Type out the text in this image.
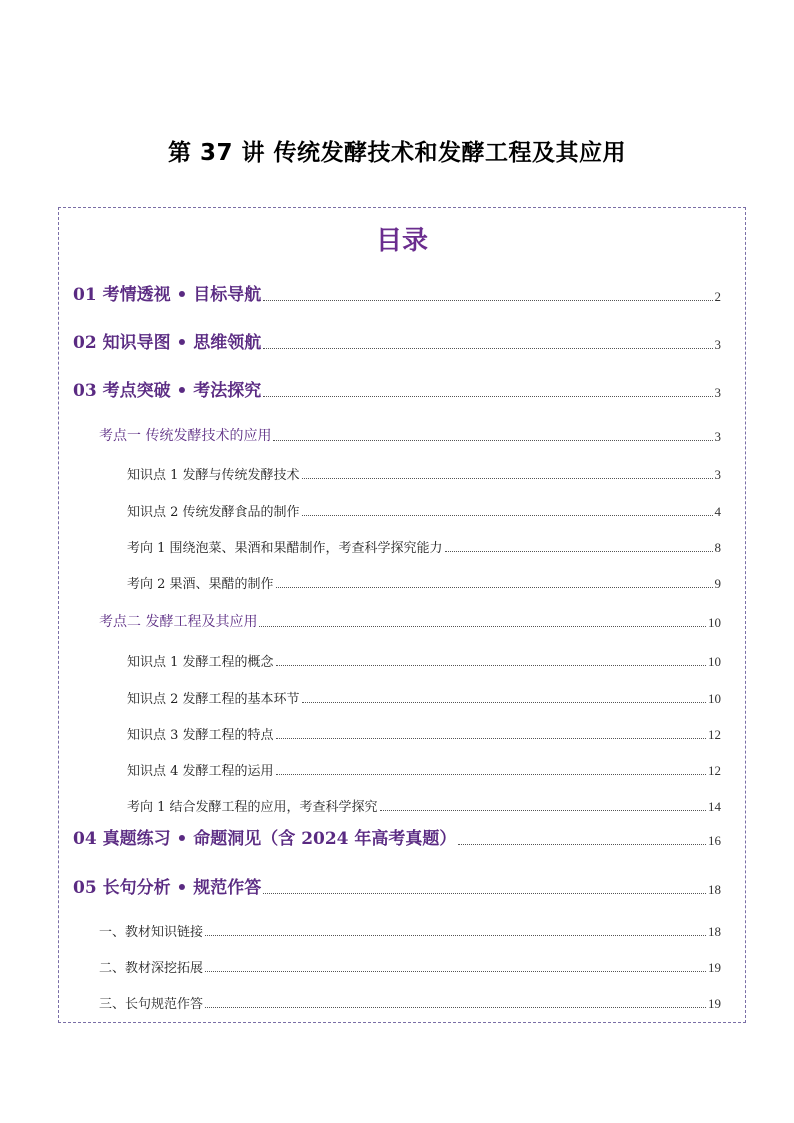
第 37 讲 传统发酵技术和发酵工程及其应用
目录
01 考情透视 • 目标导航	2
02 知识导图 • 思维领航	3
03 考点突破 • 考法探究	3
考点一 传统发酵技术的应用	3
知识点 1 发酵与传统发酵技术	3
知识点 2 传统发酵食品的制作	4
考向 1 围绕泡菜、果酒和果醋制作，考查科学探究能力	8
考向 2 果酒、果醋的制作	9
考点二 发酵工程及其应用	10
知识点 1 发酵工程的概念	10
知识点 2 发酵工程的基本环节	10
知识点 3 发酵工程的特点	12
知识点 4 发酵工程的运用	12
考向 1 结合发酵工程的应用，考查科学探究	14
04 真题练习 • 命题洞见（含 2024 年高考真题）	16
05 长句分析 • 规范作答	18
一、教材知识链接	18
二、教材深挖拓展	19
三、长句规范作答	19
